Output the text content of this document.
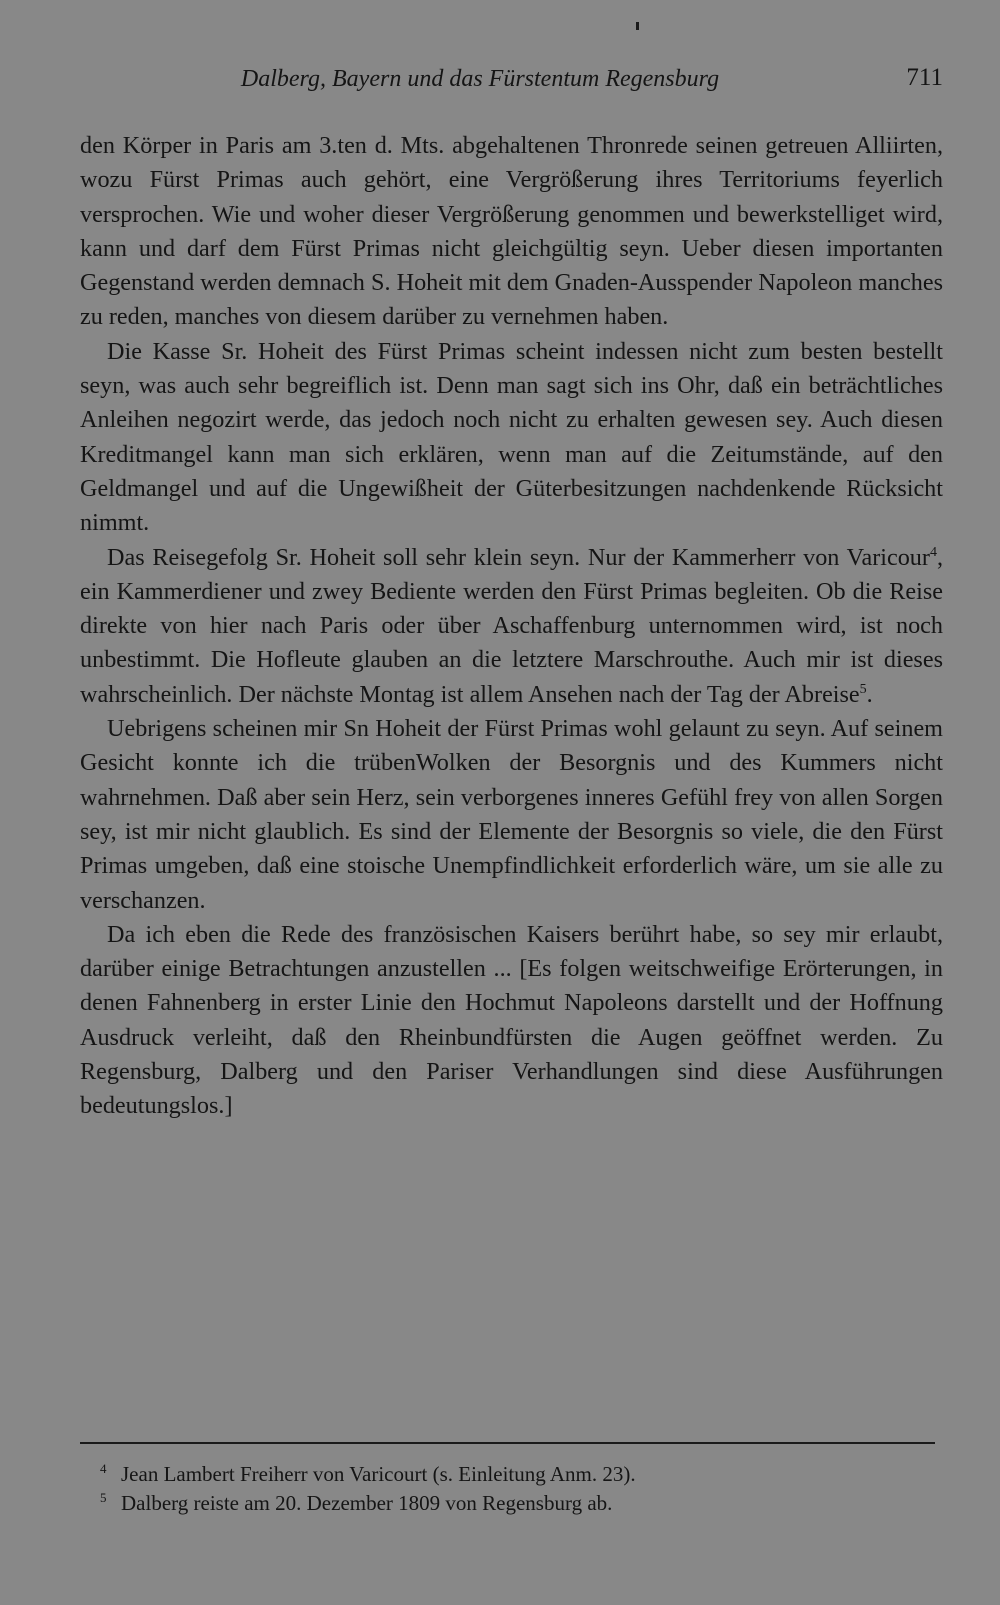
Dalberg, Bayern und das Fürstentum Regensburg	711

den Körper in Paris am 3.ten d. Mts. abgehaltenen Thronrede seinen getreuen Alliirten, wozu Fürst Primas auch gehört, eine Vergrößerung ihres Territoriums feyerlich versprochen. Wie und woher dieser Vergrößerung genommen und bewerkstelliget wird, kann und darf dem Fürst Primas nicht gleichgültig seyn. Ueber diesen importanten Gegenstand werden demnach S. Hoheit mit dem Gnaden-Ausspender Napoleon manches zu reden, manches von diesem darüber zu vernehmen haben.

Die Kasse Sr. Hoheit des Fürst Primas scheint indessen nicht zum besten bestellt seyn, was auch sehr begreiflich ist. Denn man sagt sich ins Ohr, daß ein beträchtliches Anleihen negozirt werde, das jedoch noch nicht zu erhalten gewesen sey. Auch diesen Kreditmangel kann man sich erklären, wenn man auf die Zeitumstände, auf den Geldmangel und auf die Ungewißheit der Güterbesitzungen nachdenkende Rücksicht nimmt.

Das Reisegefolg Sr. Hoheit soll sehr klein seyn. Nur der Kammerherr von Varicour$^4$, ein Kammerdiener und zwey Bediente werden den Fürst Primas begleiten. Ob die Reise direkte von hier nach Paris oder über Aschaffenburg unternommen wird, ist noch unbestimmt. Die Hofleute glauben an die letztere Marschrouthe. Auch mir ist dieses wahrscheinlich. Der nächste Montag ist allem Ansehen nach der Tag der Abreise$^5$.

Uebrigens scheinen mir Sn Hoheit der Fürst Primas wohl gelaunt zu seyn. Auf seinem Gesicht konnte ich die trübenWolken der Besorgnis und des Kummers nicht wahrnehmen. Daß aber sein Herz, sein verborgenes inneres Gefühl frey von allen Sorgen sey, ist mir nicht glaublich. Es sind der Elemente der Besorgnis so viele, die den Fürst Primas umgeben, daß eine stoische Unempfindlichkeit erforderlich wäre, um sie alle zu verschanzen.

Da ich eben die Rede des französischen Kaisers berührt habe, so sey mir erlaubt, darüber einige Betrachtungen anzustellen ... [Es folgen weitschweifige Erörterungen, in denen Fahnenberg in erster Linie den Hochmut Napoleons darstellt und der Hoffnung Ausdruck verleiht, daß den Rheinbundfürsten die Augen geöffnet werden. Zu Regensburg, Dalberg und den Pariser Verhandlungen sind diese Ausführungen bedeutungslos.]

4 Jean Lambert Freiherr von Varicourt (s. Einleitung Anm. 23).
5 Dalberg reiste am 20. Dezember 1809 von Regensburg ab.
